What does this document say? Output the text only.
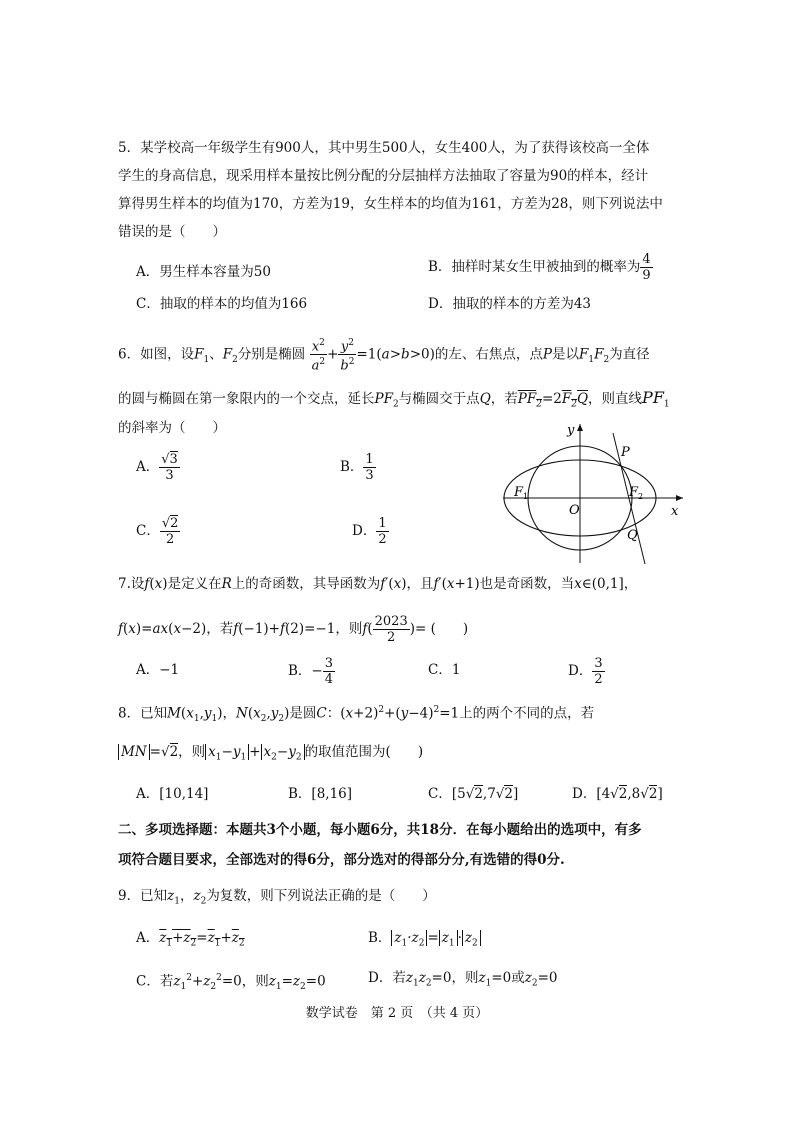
5．某学校高一年级学生有900人，其中男生500人，女生400人，为了获得该校高一全体
学生的身高信息，现采用样本量按比例分配的分层抽样方法抽取了容量为90的样本，经计
算得男生样本的均值为170，方差为19，女生样本的均值为161，方差为28，则下列说法中
错误的是（　　）
A．男生样本容量为50	B．抽样时某女生甲被抽到的概率为 $\frac{4}{9}$
C．抽取的样本的均值为166	D．抽取的样本的方差为43
6．如图，设$F_1$、$F_2$分别是椭圆 $\frac{x^2}{a^2} + \frac{y^2}{b^2} =1(a>b>0)$的左、右焦点，点P是以$F_1F_2$为直径
的圆与椭圆在第一象限内的一个交点，延长$PF_2$与椭圆交于点Q，若$PF_2=2F_2Q$，则直线$PF_1$
的斜率为（　　）
A． $\frac{√3}{3}$	B． $\frac{1}{3}$
C． $\frac{√2}{2}$	D． $\frac{1}{2}$
y
x
P
F 1	F 2
O
Q
7.设f(x)是定义在R上的奇函数，其导函数为f′(x)，且f′(x+1)也是奇函数，当x∈(0,1]，
f(x)=ax(x−2)，若f(−1)+f(2)=−1，则$f( \frac{2023}{2}$ )= (　　)
A．−1	B．− $\frac{3}{4}$	C．1	D． $\frac{3}{2}$
8．已知$M(x_1,y_1)$，$N(x_2,y_2)$是圆C：$(x+2)^2+(y-4)^2=1$上的两个不同的点，若
MN =√2，则 $x_1-y_1 + x_2-y_2$ 的取值范围为(　　)
A．[10,14]	B．[8,16]	C．[5√2,7√2]	D．[4√2,8√2]
二、多项选择题：本题共3个小题，每小题6分，共18分．在每小题给出的选项中，有多
项符合题目要求，全部选对的得6分，部分选对的得部分分,有选错的得0分.
9．已知$z_1$，$z_2$为复数，则下列说法正确的是（　　）
A．$z_1+z_2=z_1+z_2$	B． $z_1\cdot z_2 = z_1 \cdot z_2$
C．若$z_1^2+z_2^2=0$，则$z_1=z_2=0$	D．若$z_1z_2=0$，则$z_1=0$或$z_2=0$
数学试卷　第 2 页　（共 4 页）
